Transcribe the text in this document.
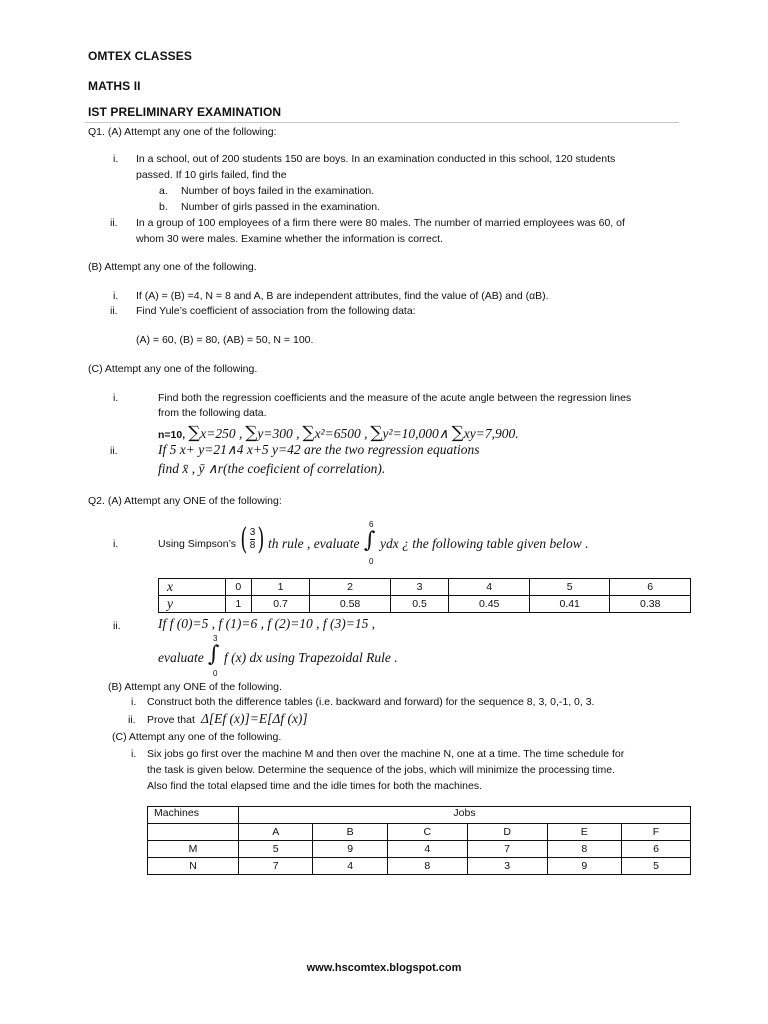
OMTEX CLASSES
MATHS II
IST PRELIMINARY EXAMINATION
Q1. (A) Attempt any one of the following:
i. In a school, out of 200 students 150 are boys. In an examination conducted in this school, 120 students
passed. If 10 girls failed, find the
a. Number of boys failed in the examination.
b. Number of girls passed in the examination.
ii. In a group of 100 employees of a firm there were 80 males. The number of married employees was 60, of
whom 30 were males. Examine whether the information is correct.
(B) Attempt any one of the following.
i. If (A) = (B) =4, N = 8 and A, B are independent attributes, find the value of (AB) and (αB).
ii. Find Yule’s coefficient of association from the following data:
(A) = 60, (B) = 80, (AB) = 50, N = 100.
(C) Attempt any one of the following.
i.	Find both the regression coefficients and the measure of the acute angle between the regression lines
from the following data.
n=10, ∑x=250 , ∑y=300 , ∑x²=6500 , ∑y²=10,000∧ ∑xy=7,900.
ii.	If 5 x+ y=21∧4 x+5 y=42 are the two regression equations
find x̄ , ȳ ∧r(the coeficient of correlation).
Q2. (A) Attempt any ONE of the following:
i.	Using Simpson’s ( $\frac{3}{8}$ ) th rule , evaluate
6
∫
0
ydx ¿ the following table given below .
x	0	1	2	3	4	5	6
y	1	0.7	0.58	0.5	0.45	0.41	0.38
ii.	If f (0)=5 , f (1)=6 , f (2)=10 , f (3)=15 ,
evaluate
3
∫
0
f (x) dx using Trapezoidal Rule .
(B) Attempt any ONE of the following.
i. Construct both the difference tables (i.e. backward and forward) for the sequence 8, 3, 0,-1, 0, 3.
ii. Prove that Δ[Ef (x)]=E[Δf (x)]
(C) Attempt any one of the following.
i. Six jobs go first over the machine M and then over the machine N, one at a time. The time schedule for
the task is given below. Determine the sequence of the jobs, which will minimize the processing time.
Also find the total elapsed time and the idle times for both the machines.
Machines	Jobs					
	A	B	C	D	E	F
M	5	9	4	7	8	6
N	7	4	8	3	9	5
www.hscomtex.blogspot.com
